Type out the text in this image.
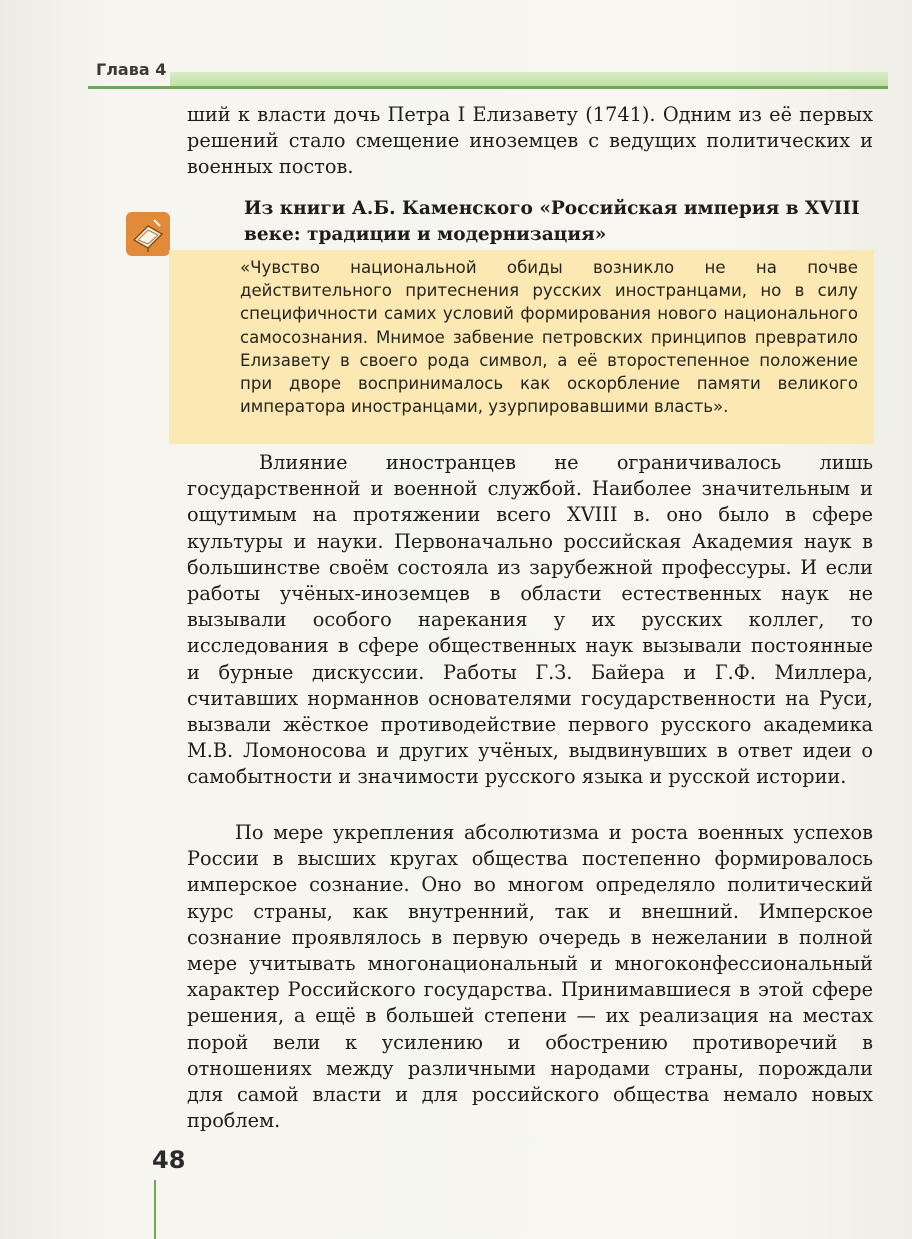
Глава 4

ший к власти дочь Петра I Елизавету (1741). Одним из её первых решений стало смещение иноземцев с ведущих политических и военных постов.

Из книги А.Б. Каменского «Российская империя в XVIII веке: традиции и модернизация»

«Чувство национальной обиды возникло не на почве действительного притеснения русских иностранцами, но в силу специфичности самих условий формирования нового национального самосознания. Мнимое забвение петровских принципов превратило Елизавету в своего рода символ, а её второстепенное положение при дворе воспринималось как оскорбление памяти великого императора иностранцами, узурпировавшими власть».

Влияние иностранцев не ограничивалось лишь государственной и военной службой. Наиболее значительным и ощутимым на протяжении всего XVIII в. оно было в сфере культуры и науки. Первоначально российская Академия наук в большинстве своём состояла из зарубежной профессуры. И если работы учёных-иноземцев в области естественных наук не вызывали особого нарекания у их русских коллег, то исследования в сфере общественных наук вызывали постоянные и бурные дискуссии. Работы Г.З. Байера и Г.Ф. Миллера, считавших норманнов основателями государственности на Руси, вызвали жёсткое противодействие первого русского академика М.В. Ломоносова и других учёных, выдвинувших в ответ идеи о самобытности и значимости русского языка и русской истории.

По мере укрепления абсолютизма и роста военных успехов России в высших кругах общества постепенно формировалось имперское сознание. Оно во многом определяло политический курс страны, как внутренний, так и внешний. Имперское сознание проявлялось в первую очередь в нежелании в полной мере учитывать многонациональный и многоконфессиональный характер Российского государства. Принимавшиеся в этой сфере решения, а ещё в большей степени — их реализация на местах порой вели к усилению и обострению противоречий в отношениях между различными народами страны, порождали для самой власти и для российского общества немало новых проблем.

48
